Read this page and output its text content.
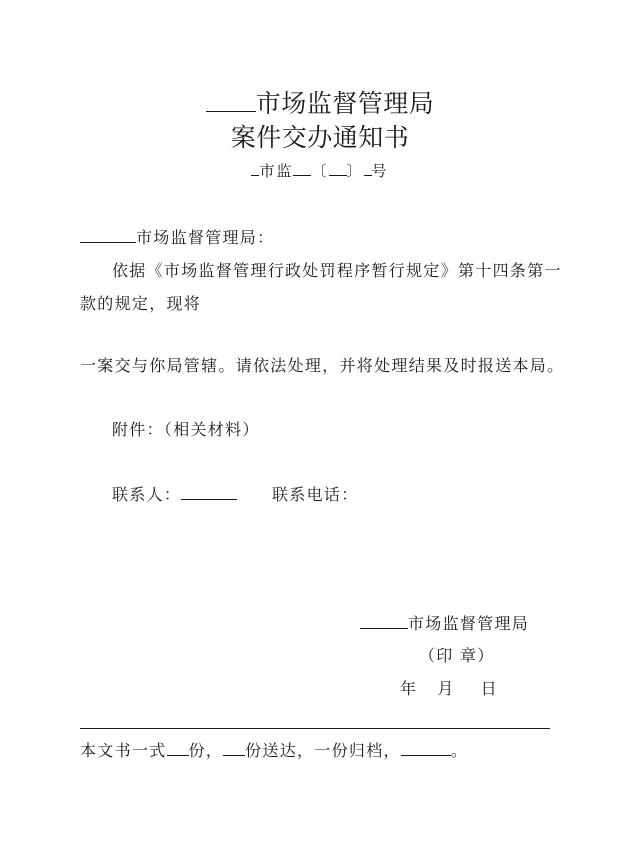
市场监督管理局
案件交办通知书
市监 〔 〕 号
市场监督管理局：
依据《市场监督管理行政处罚程序暂行规定》第十四条第一
款的规定，现将
一案交与你局管辖。请依法处理，并将处理结果及时报送本局。
附件：（相关材料）
联系人：	联系电话：
市场监督管理局
（印 章）
年 月 日
本文书一式 份， 份送达，一份归档，	。
